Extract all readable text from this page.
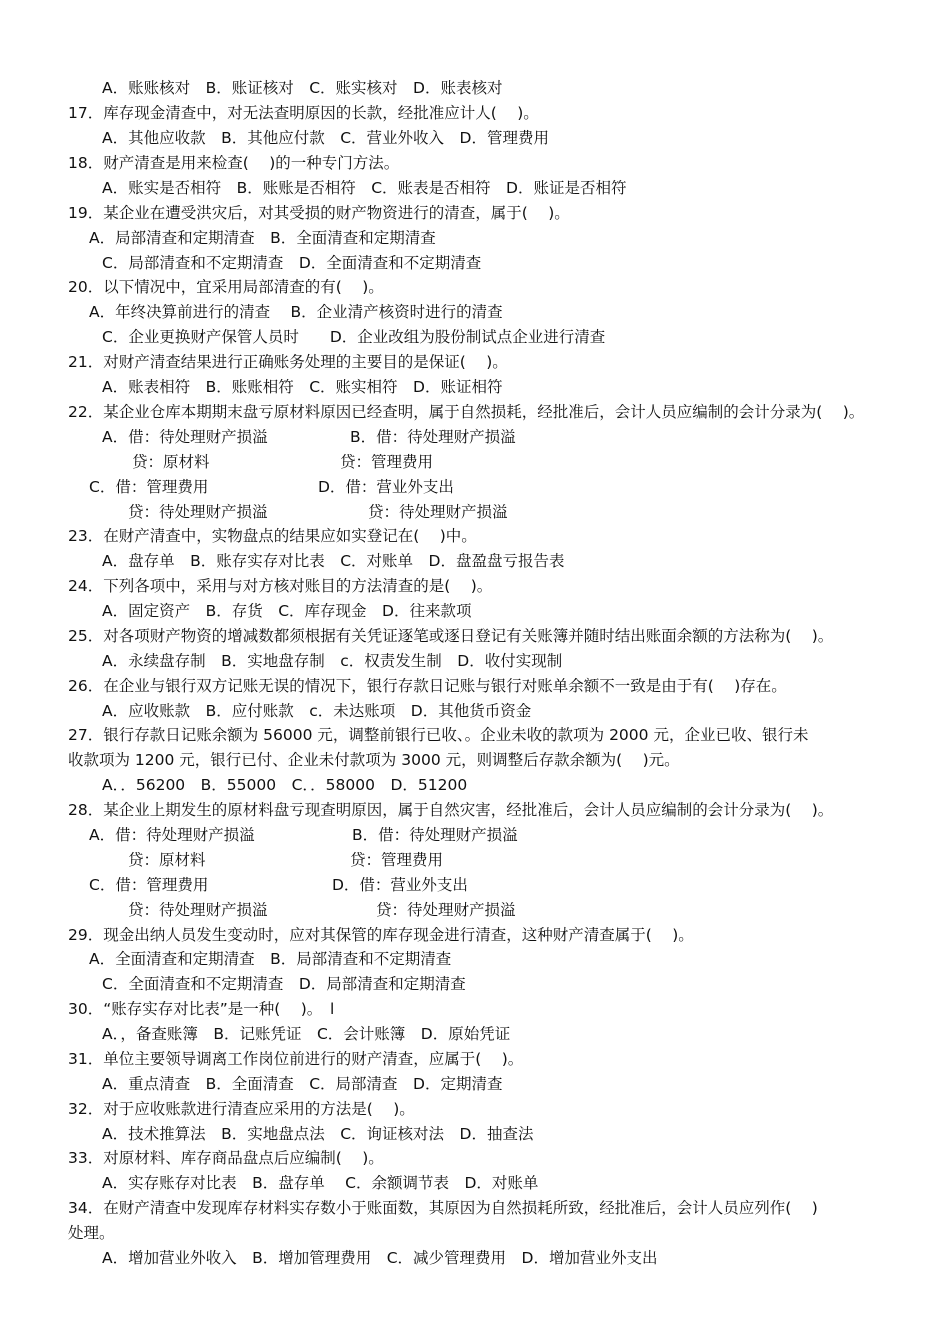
A．账账核对　B．账证核对　C．账实核对　D．账表核对
17．库存现金清查中，对无法查明原因的长款，经批准应计人(　 )。
A．其他应收款　B．其他应付款　C．营业外收入　D．管理费用
18．财产清查是用来检查(　 )的一种专门方法。
A．账实是否相符　B．账账是否相符　C．账表是否相符　D．账证是否相符
19．某企业在遭受洪灾后，对其受损的财产物资进行的清查，属于(　 )。
A．局部清查和定期清查　B．全面清查和定期清查
C．局部清查和不定期清查　D．全面清查和不定期清查
20．以下情况中，宜采用局部清查的有(　 )。
A．年终决算前进行的清查　 B．企业清产核资时进行的清查
C．企业更换财产保管人员时　　D．企业改组为股份制试点企业进行清查
21．对财产清查结果进行正确账务处理的主要目的是保证(　 )。
A．账表相符　B．账账相符　C．账实相符　D．账证相符
22．某企业仓库本期期末盘亏原材料原因已经查明，属于自然损耗，经批准后，会计人员应编制的会计分录为(　 )。
A．借：待处理财产损溢	B．借：待处理财产损溢
贷：原材料	贷：管理费用
C．借：管理费用	D．借：营业外支出
贷：待处理财产损溢	贷：待处理财产损溢
23．在财产清查中，实物盘点的结果应如实登记在(　 )中。
A．盘存单　B．账存实存对比表　C．对账单　D．盘盈盘亏报告表
24．下列各项中，采用与对方核对账目的方法清查的是(　 )。
A．固定资产　B．存货　C．库存现金　D．往来款项
25．对各项财产物资的增减数都须根据有关凭证逐笔或逐日登记有关账簿并随时结出账面余额的方法称为(　 )。
A．永续盘存制　B．实地盘存制　c．权责发生制　D．收付实现制
26．在企业与银行双方记账无误的情况下，银行存款日记账与银行对账单余额不一致是由于有(　 )存在。
A．应收账款　B．应付账款　c．未达账项　D．其他货币资金
27．银行存款日记账余额为 56000 元，调整前银行已收、。企业未收的款项为 2000 元，企业已收、银行未
收款项为 1200 元，银行已付、企业未付款项为 3000 元，则调整后存款余额为(　 )元。
A．．56200　B．55000　C．．58000　D．51200
28．某企业上期发生的原材料盘亏现查明原因，属于自然灾害，经批准后，会计人员应编制的会计分录为(　 )。
A．借：待处理财产损溢	B．借：待处理财产损溢
贷：原材料	贷：管理费用
C．借：管理费用	D．借：营业外支出
贷：待处理财产损溢	贷：待处理财产损溢
29．现金出纳人员发生变动时，应对其保管的库存现金进行清查，这种财产清查属于(　 )。
A．全面清查和定期清查　B．局部清查和不定期清查
C．全面清查和不定期清查　D．局部清查和定期清查
30．“账存实存对比表”是一种(　 )。　l
A．，备查账簿　B．记账凭证　C．会计账簿　D．原始凭证
31．单位主要领导调离工作岗位前进行的财产清查，应属于(　 )。
A．重点清查　B．全面清查　C．局部清查　D．定期清查
32．对于应收账款进行清查应采用的方法是(　 )。
A．技术推算法　B．实地盘点法　C．询证核对法　D．抽查法
33．对原材料、库存商品盘点后应编制(　 )。
A．实存账存对比表　B．盘存单　 C．余额调节表　D．对账单
34．在财产清查中发现库存材料实存数小于账面数，其原因为自然损耗所致，经批准后，会计人员应列作(　 )
处理。
A．增加营业外收入　B．增加管理费用　C．减少管理费用　D．增加营业外支出
